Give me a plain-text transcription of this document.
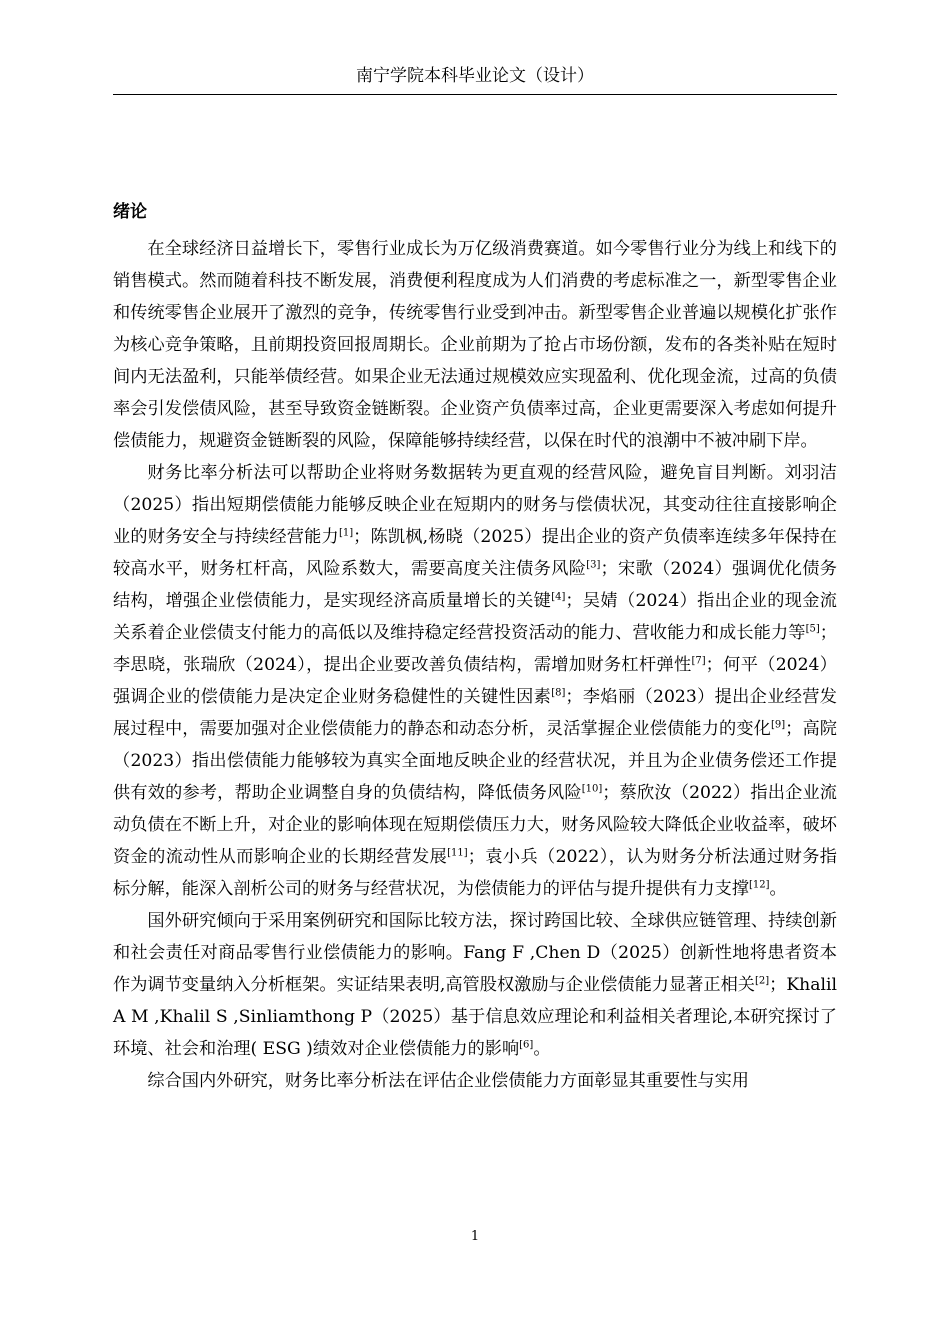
南宁学院本科毕业论文（设计）
绪论

在全球经济日益增长下，零售行业成长为万亿级消费赛道。如今零售行业分为线上和线下的销售模式。然而随着科技不断发展，消费便利程度成为人们消费的考虑标准之一，新型零售企业和传统零售企业展开了激烈的竞争，传统零售行业受到冲击。新型零售企业普遍以规模化扩张作为核心竞争策略，且前期投资回报周期长。企业前期为了抢占市场份额，发布的各类补贴在短时间内无法盈利，只能举债经营。如果企业无法通过规模效应实现盈利、优化现金流，过高的负债率会引发偿债风险，甚至导致资金链断裂。企业资产负债率过高，企业更需要深入考虑如何提升偿债能力，规避资金链断裂的风险，保障能够持续经营，以保在时代的浪潮中不被冲刷下岸。

财务比率分析法可以帮助企业将财务数据转为更直观的经营风险，避免盲目判断。刘羽洁（2025）指出短期偿债能力能够反映企业在短期内的财务与偿债状况，其变动往往直接影响企业的财务安全与持续经营能力[1]；陈凯枫,杨晓（2025）提出企业的资产负债率连续多年保持在较高水平，财务杠杆高，风险系数大，需要高度关注债务风险[3]；宋歌（2024）强调优化债务结构，增强企业偿债能力，是实现经济高质量增长的关键[4]；吴婧（2024）指出企业的现金流关系着企业偿债支付能力的高低以及维持稳定经营投资活动的能力、营收能力和成长能力等[5]；李思晓，张瑞欣（2024），提出企业要改善负债结构，需增加财务杠杆弹性[7]；何平（2024）强调企业的偿债能力是决定企业财务稳健性的关键性因素[8]；李焰丽（2023）提出企业经营发展过程中，需要加强对企业偿债能力的静态和动态分析，灵活掌握企业偿债能力的变化[9]；高院（2023）指出偿债能力能够较为真实全面地反映企业的经营状况，并且为企业债务偿还工作提供有效的参考，帮助企业调整自身的负债结构，降低债务风险[10]；蔡欣汝（2022）指出企业流动负债在不断上升，对企业的影响体现在短期偿债压力大，财务风险较大降低企业收益率，破坏资金的流动性从而影响企业的长期经营发展[11]；袁小兵（2022），认为财务分析法通过财务指标分解，能深入剖析公司的财务与经营状况，为偿债能力的评估与提升提供有力支撑[12]。

国外研究倾向于采用案例研究和国际比较方法，探讨跨国比较、全球供应链管理、持续创新和社会责任对商品零售行业偿债能力的影响。Fang F ,Chen D（2025）创新性地将患者资本作为调节变量纳入分析框架。实证结果表明,高管股权激励与企业偿债能力显著正相关[2]；Khalil A M ,Khalil S ,Sinliamthong P（2025）基于信息效应理论和利益相关者理论,本研究探讨了环境、社会和治理( ESG )绩效对企业偿债能力的影响[6]。

综合国内外研究，财务比率分析法在评估企业偿债能力方面彰显其重要性与实用

1
